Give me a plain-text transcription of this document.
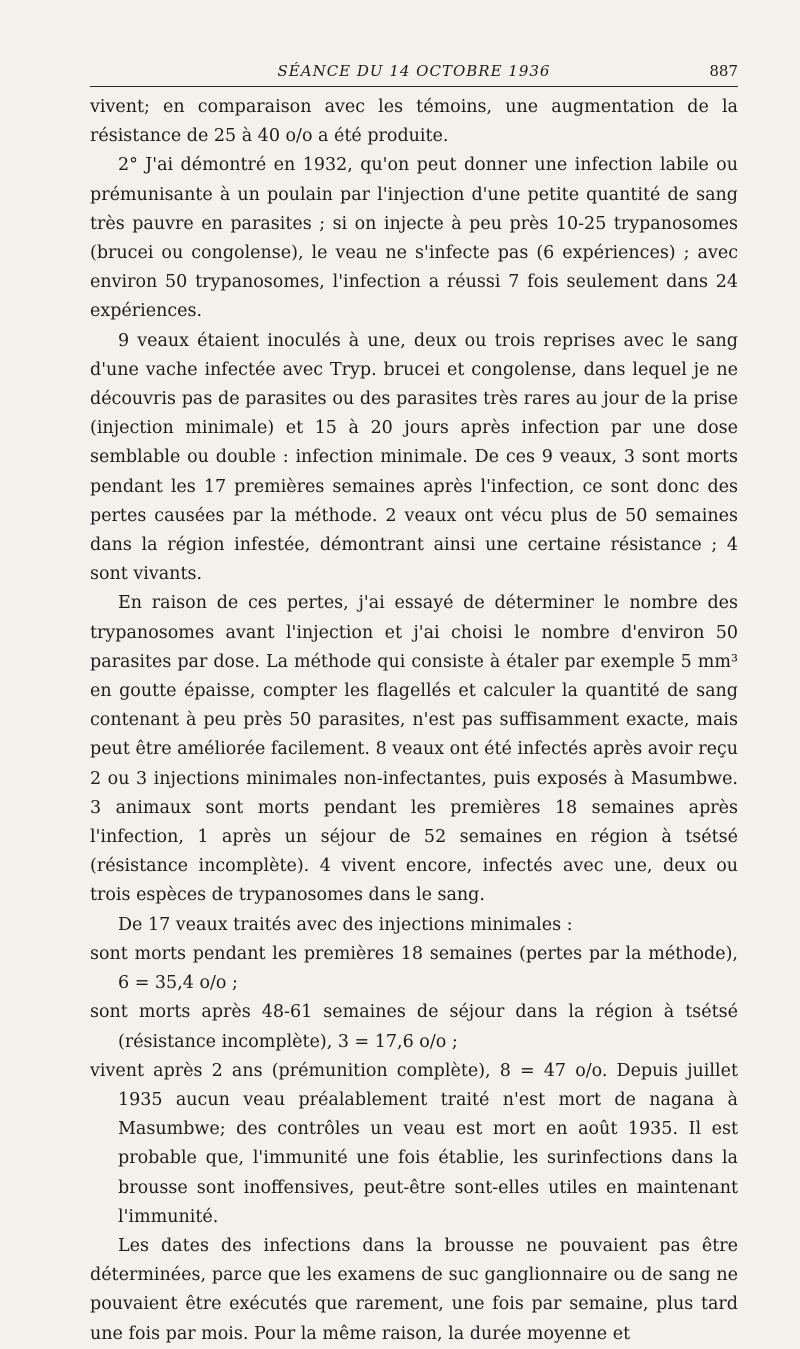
SÉANCE DU 14 OCTOBRE 1936	887

vivent; en comparaison avec les témoins, une augmentation de la résistance de 25 à 40 o/o a été produite.

2° J'ai démontré en 1932, qu'on peut donner une infection labile ou prémunisante à un poulain par l'injection d'une petite quantité de sang très pauvre en parasites ; si on injecte à peu près 10-25 trypanosomes (brucei ou congolense), le veau ne s'infecte pas (6 expériences) ; avec environ 50 trypanosomes, l'infection a réussi 7 fois seulement dans 24 expériences.

9 veaux étaient inoculés à une, deux ou trois reprises avec le sang d'une vache infectée avec Tryp. brucei et congolense, dans lequel je ne découvris pas de parasites ou des parasites très rares au jour de la prise (injection minimale) et 15 à 20 jours après infection par une dose semblable ou double : infection minimale. De ces 9 veaux, 3 sont morts pendant les 17 premières semaines après l'infection, ce sont donc des pertes causées par la méthode. 2 veaux ont vécu plus de 50 semaines dans la région infestée, démontrant ainsi une certaine résistance ; 4 sont vivants.

En raison de ces pertes, j'ai essayé de déterminer le nombre des trypanosomes avant l'injection et j'ai choisi le nombre d'environ 50 parasites par dose. La méthode qui consiste à étaler par exemple 5 mm³ en goutte épaisse, compter les flagellés et calculer la quantité de sang contenant à peu près 50 parasites, n'est pas suffisamment exacte, mais peut être améliorée facilement. 8 veaux ont été infectés après avoir reçu 2 ou 3 injections minimales non-infectantes, puis exposés à Masumbwe. 3 animaux sont morts pendant les premières 18 semaines après l'infection, 1 après un séjour de 52 semaines en région à tsétsé (résistance incomplète). 4 vivent encore, infectés avec une, deux ou trois espèces de trypanosomes dans le sang.

De 17 veaux traités avec des injections minimales :

sont morts pendant les premières 18 semaines (pertes par la méthode), 6 = 35,4 o/o ;

sont morts après 48-61 semaines de séjour dans la région à tsétsé (résistance incomplète), 3 = 17,6 o/o ;

vivent après 2 ans (prémunition complète), 8 = 47 o/o. Depuis juillet 1935 aucun veau préalablement traité n'est mort de nagana à Masumbwe; des contrôles un veau est mort en août 1935. Il est probable que, l'immunité une fois établie, les surinfections dans la brousse sont inoffensives, peut-être sont-elles utiles en maintenant l'immunité.

Les dates des infections dans la brousse ne pouvaient pas être déterminées, parce que les examens de suc ganglionnaire ou de sang ne pouvaient être exécutés que rarement, une fois par semaine, plus tard une fois par mois. Pour la même raison, la durée moyenne et
